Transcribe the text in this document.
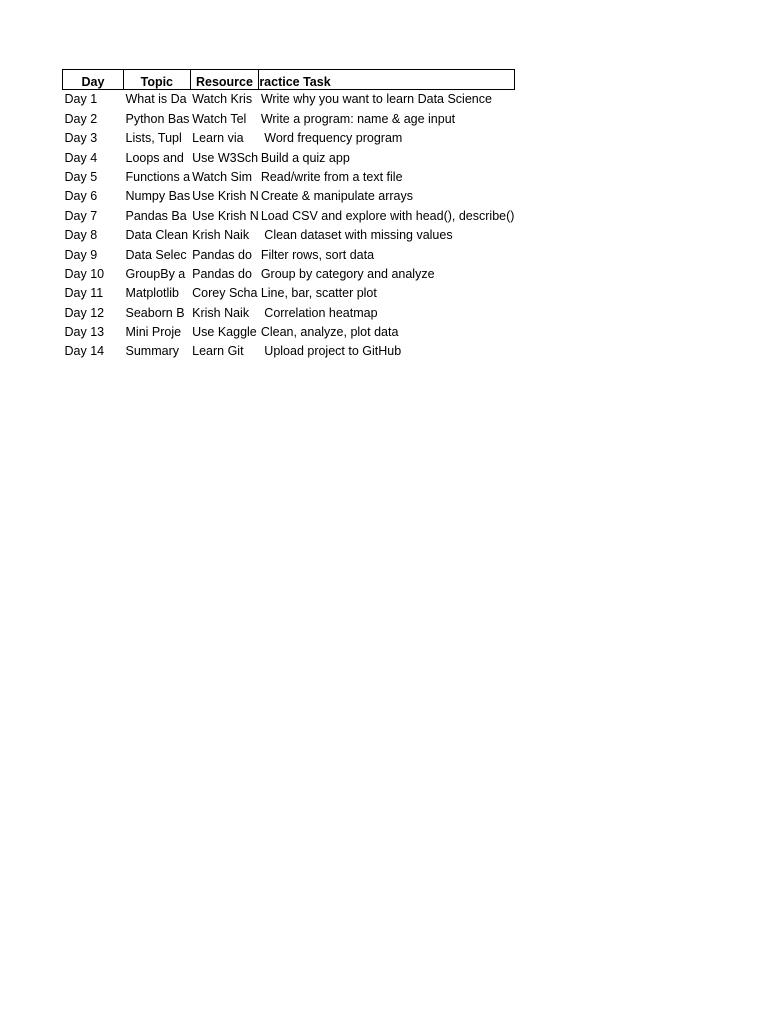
Day	Topic	Resource	ractice Task
Day 1	What is Da	Watch Kris	Write why you want to learn Data Science
Day 2	Python Bas	Watch Tel	Write a program: name & age input
Day 3	Lists, Tupl	Learn via	Word frequency program
Day 4	Loops and	Use W3Sch	Build a quiz app
Day 5	Functions a	Watch Sim	Read/write from a text file
Day 6	Numpy Bas	Use Krish N	Create & manipulate arrays
Day 7	Pandas Ba	Use Krish N	Load CSV and explore with head(), describe()
Day 8	Data Clean	Krish Naik	Clean dataset with missing values
Day 9	Data Selec	Pandas do	Filter rows, sort data
Day 10	GroupBy a	Pandas do	Group by category and analyze
Day 11	Matplotlib	Corey Scha	Line, bar, scatter plot
Day 12	Seaborn B	Krish Naik	Correlation heatmap
Day 13	Mini Proje	Use Kaggle	Clean, analyze, plot data
Day 14	Summary	Learn Git	Upload project to GitHub
